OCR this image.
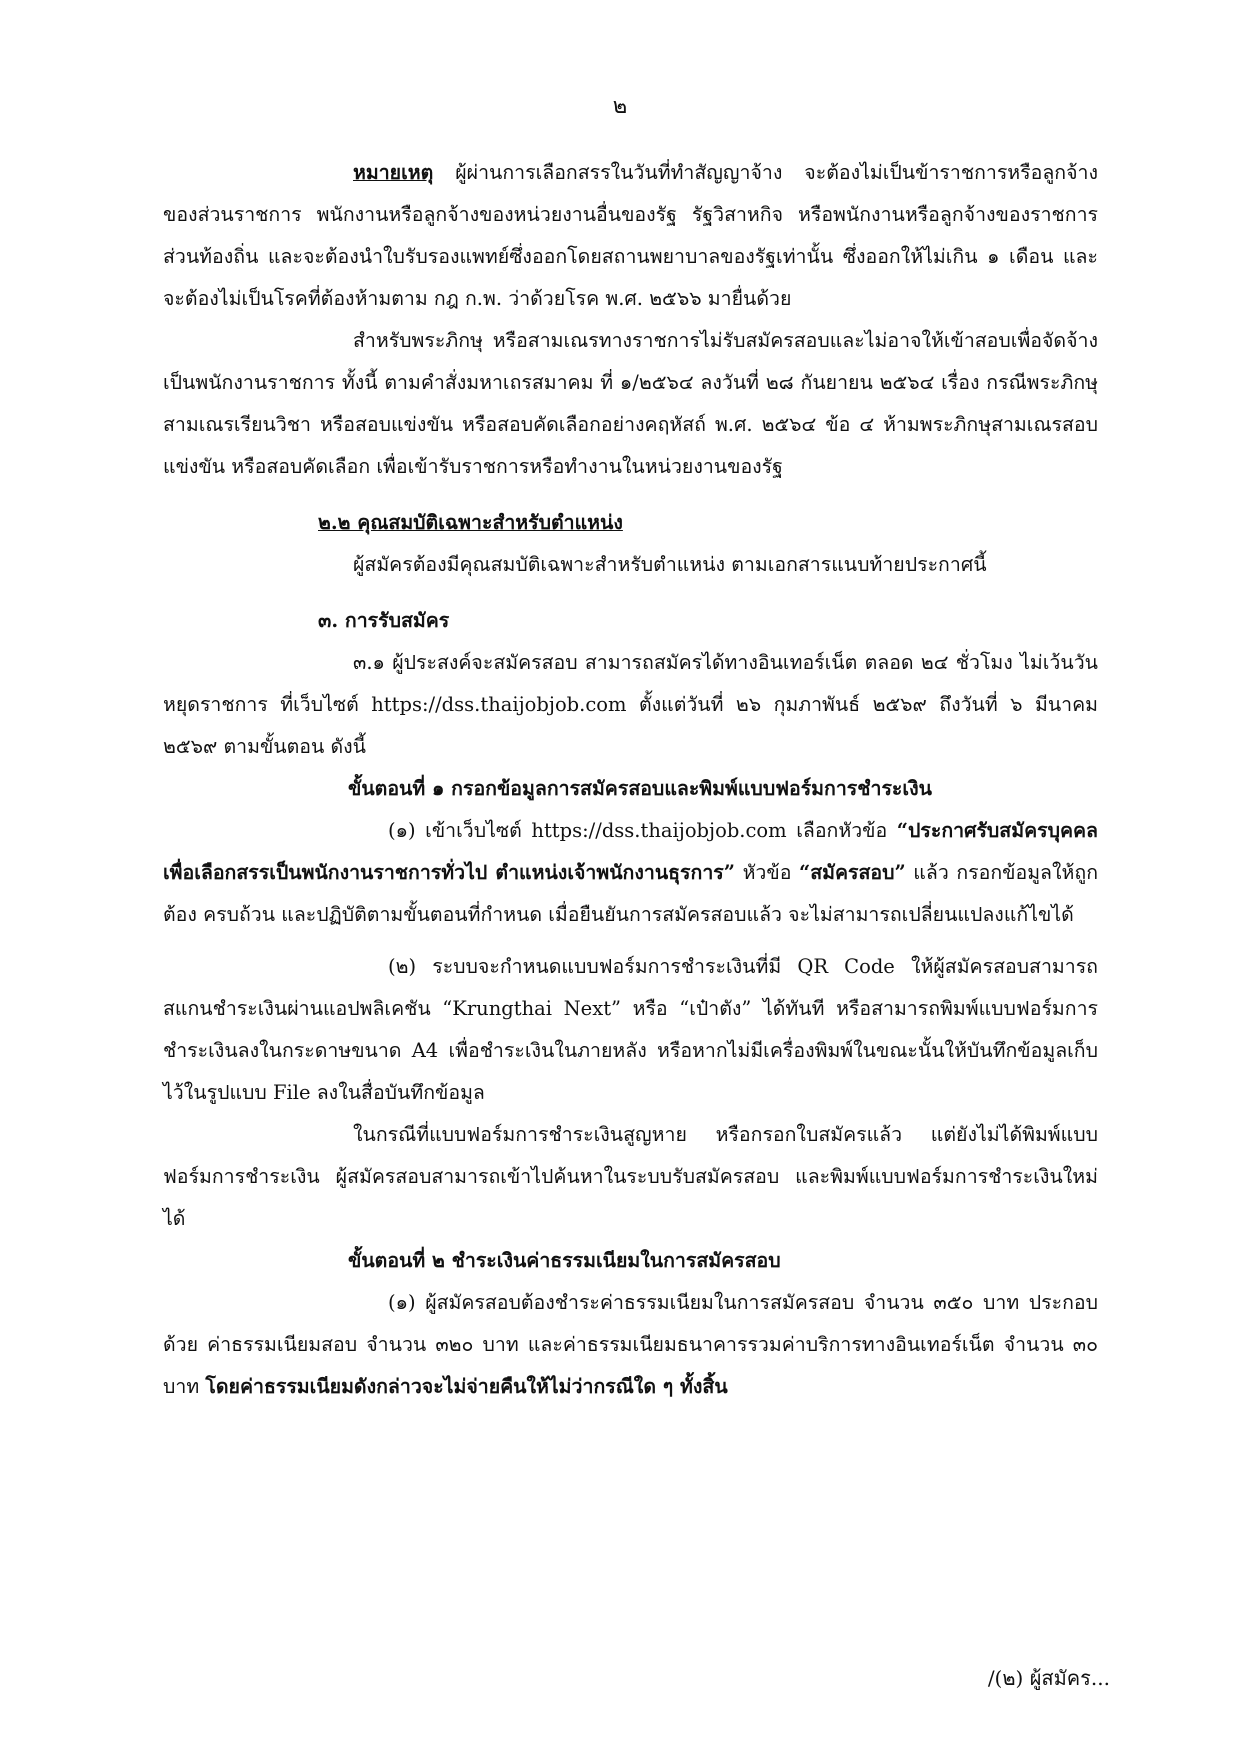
๒

หมายเหตุ ผู้ผ่านการเลือกสรรในวันที่ทำสัญญาจ้าง จะต้องไม่เป็นข้าราชการหรือลูกจ้างของส่วนราชการ พนักงานหรือลูกจ้างของหน่วยงานอื่นของรัฐ รัฐวิสาหกิจ หรือพนักงานหรือลูกจ้างของราชการส่วนท้องถิ่น และจะต้องนำใบรับรองแพทย์ซึ่งออกโดยสถานพยาบาลของรัฐเท่านั้น ซึ่งออกให้ไม่เกิน ๑ เดือน และจะต้องไม่เป็นโรคที่ต้องห้ามตาม กฎ ก.พ. ว่าด้วยโรค พ.ศ. ๒๕๖๖ มายื่นด้วย

สำหรับพระภิกษุ หรือสามเณรทางราชการไม่รับสมัครสอบและไม่อาจให้เข้าสอบเพื่อจัดจ้างเป็นพนักงานราชการ ทั้งนี้ ตามคำสั่งมหาเถรสมาคม ที่ ๑/๒๕๖๔ ลงวันที่ ๒๘ กันยายน ๒๕๖๔ เรื่อง กรณีพระภิกษุสามเณรเรียนวิชา หรือสอบแข่งขัน หรือสอบคัดเลือกอย่างคฤหัสถ์ พ.ศ. ๒๕๖๔ ข้อ ๔ ห้ามพระภิกษุสามเณรสอบแข่งขัน หรือสอบคัดเลือก เพื่อเข้ารับราชการหรือทำงานในหน่วยงานของรัฐ

๒.๒ คุณสมบัติเฉพาะสำหรับตำแหน่ง

ผู้สมัครต้องมีคุณสมบัติเฉพาะสำหรับตำแหน่ง ตามเอกสารแนบท้ายประกาศนี้

๓. การรับสมัคร

๓.๑ ผู้ประสงค์จะสมัครสอบ สามารถสมัครได้ทางอินเทอร์เน็ต ตลอด ๒๔ ชั่วโมง ไม่เว้นวันหยุดราชการ ที่เว็บไซต์ https://dss.thaijobjob.com ตั้งแต่วันที่ ๒๖ กุมภาพันธ์ ๒๕๖๙ ถึงวันที่ ๖ มีนาคม ๒๕๖๙ ตามขั้นตอน ดังนี้

ขั้นตอนที่ ๑ กรอกข้อมูลการสมัครสอบและพิมพ์แบบฟอร์มการชำระเงิน

(๑) เข้าเว็บไซต์ https://dss.thaijobjob.com เลือกหัวข้อ “ประกาศรับสมัครบุคคลเพื่อเลือกสรรเป็นพนักงานราชการทั่วไป ตำแหน่งเจ้าพนักงานธุรการ” หัวข้อ “สมัครสอบ” แล้ว กรอกข้อมูลให้ถูกต้อง ครบถ้วน และปฏิบัติตามขั้นตอนที่กำหนด เมื่อยืนยันการสมัครสอบแล้ว จะไม่สามารถเปลี่ยนแปลงแก้ไขได้

(๒) ระบบจะกำหนดแบบฟอร์มการชำระเงินที่มี QR Code ให้ผู้สมัครสอบสามารถสแกนชำระเงินผ่านแอปพลิเคชัน “Krungthai Next” หรือ “เป๋าตัง” ได้ทันที หรือสามารถพิมพ์แบบฟอร์มการชำระเงินลงในกระดาษขนาด A4 เพื่อชำระเงินในภายหลัง หรือหากไม่มีเครื่องพิมพ์ในขณะนั้นให้บันทึกข้อมูลเก็บไว้ในรูปแบบ File ลงในสื่อบันทึกข้อมูล

ในกรณีที่แบบฟอร์มการชำระเงินสูญหาย หรือกรอกใบสมัครแล้ว แต่ยังไม่ได้พิมพ์แบบฟอร์มการชำระเงิน ผู้สมัครสอบสามารถเข้าไปค้นหาในระบบรับสมัครสอบ และพิมพ์แบบฟอร์มการชำระเงินใหม่ได้

ขั้นตอนที่ ๒ ชำระเงินค่าธรรมเนียมในการสมัครสอบ

(๑) ผู้สมัครสอบต้องชำระค่าธรรมเนียมในการสมัครสอบ จำนวน ๓๕๐ บาท ประกอบด้วย ค่าธรรมเนียมสอบ จำนวน ๓๒๐ บาท และค่าธรรมเนียมธนาคารรวมค่าบริการทางอินเทอร์เน็ต จำนวน ๓๐ บาท โดยค่าธรรมเนียมดังกล่าวจะไม่จ่ายคืนให้ไม่ว่ากรณีใด ๆ ทั้งสิ้น

/(๒) ผู้สมัคร...
